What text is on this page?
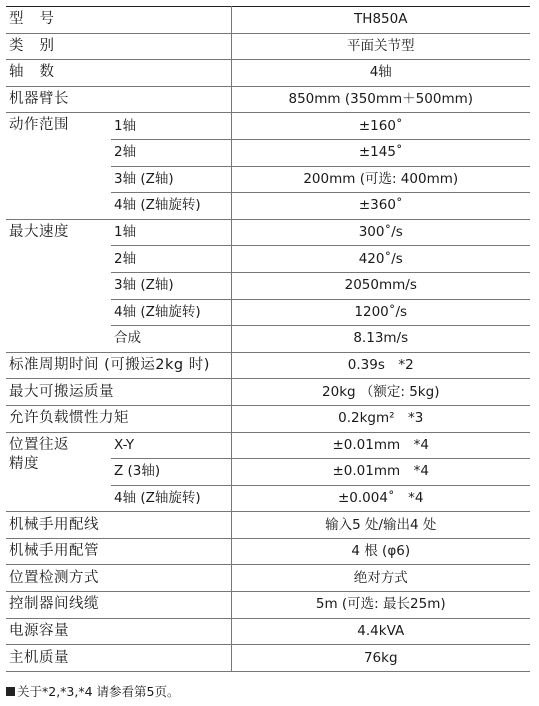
型号		TH850A
类别		平面关节型
轴数		4轴
机器臂长		850mm (350mm＋500mm)
动作范围	1轴	±160˚
	2轴	±145˚
	3轴 (Z轴)	200mm (可选: 400mm)
	4轴 (Z轴旋转)	±360˚
最大速度	1轴	300˚/s
	2轴	420˚/s
	3轴 (Z轴)	2050mm/s
	4轴 (Z轴旋转)	1200˚/s
	合成	8.13m/s
标准周期时间 (可搬运2kg 时)		0.39s　*2
最大可搬运质量		20kg （额定: 5kg)
允许负载惯性力矩		0.2kgm²　*3

位置往返
精度	X-Y	±0.01mm　*4
	Z (3轴)	±0.01mm　*4
	4轴 (Z轴旋转)	±0.004˚　*4
机械手用配线		输入5 处/输出4 处
机械手用配管		4 根 (φ6)
位置检测方式		绝对方式
控制器间线缆		5m (可选: 最长25m)
电源容量		4.4kVA
主机质量		76kg
关于*2,*3,*4 请参看第5页。
